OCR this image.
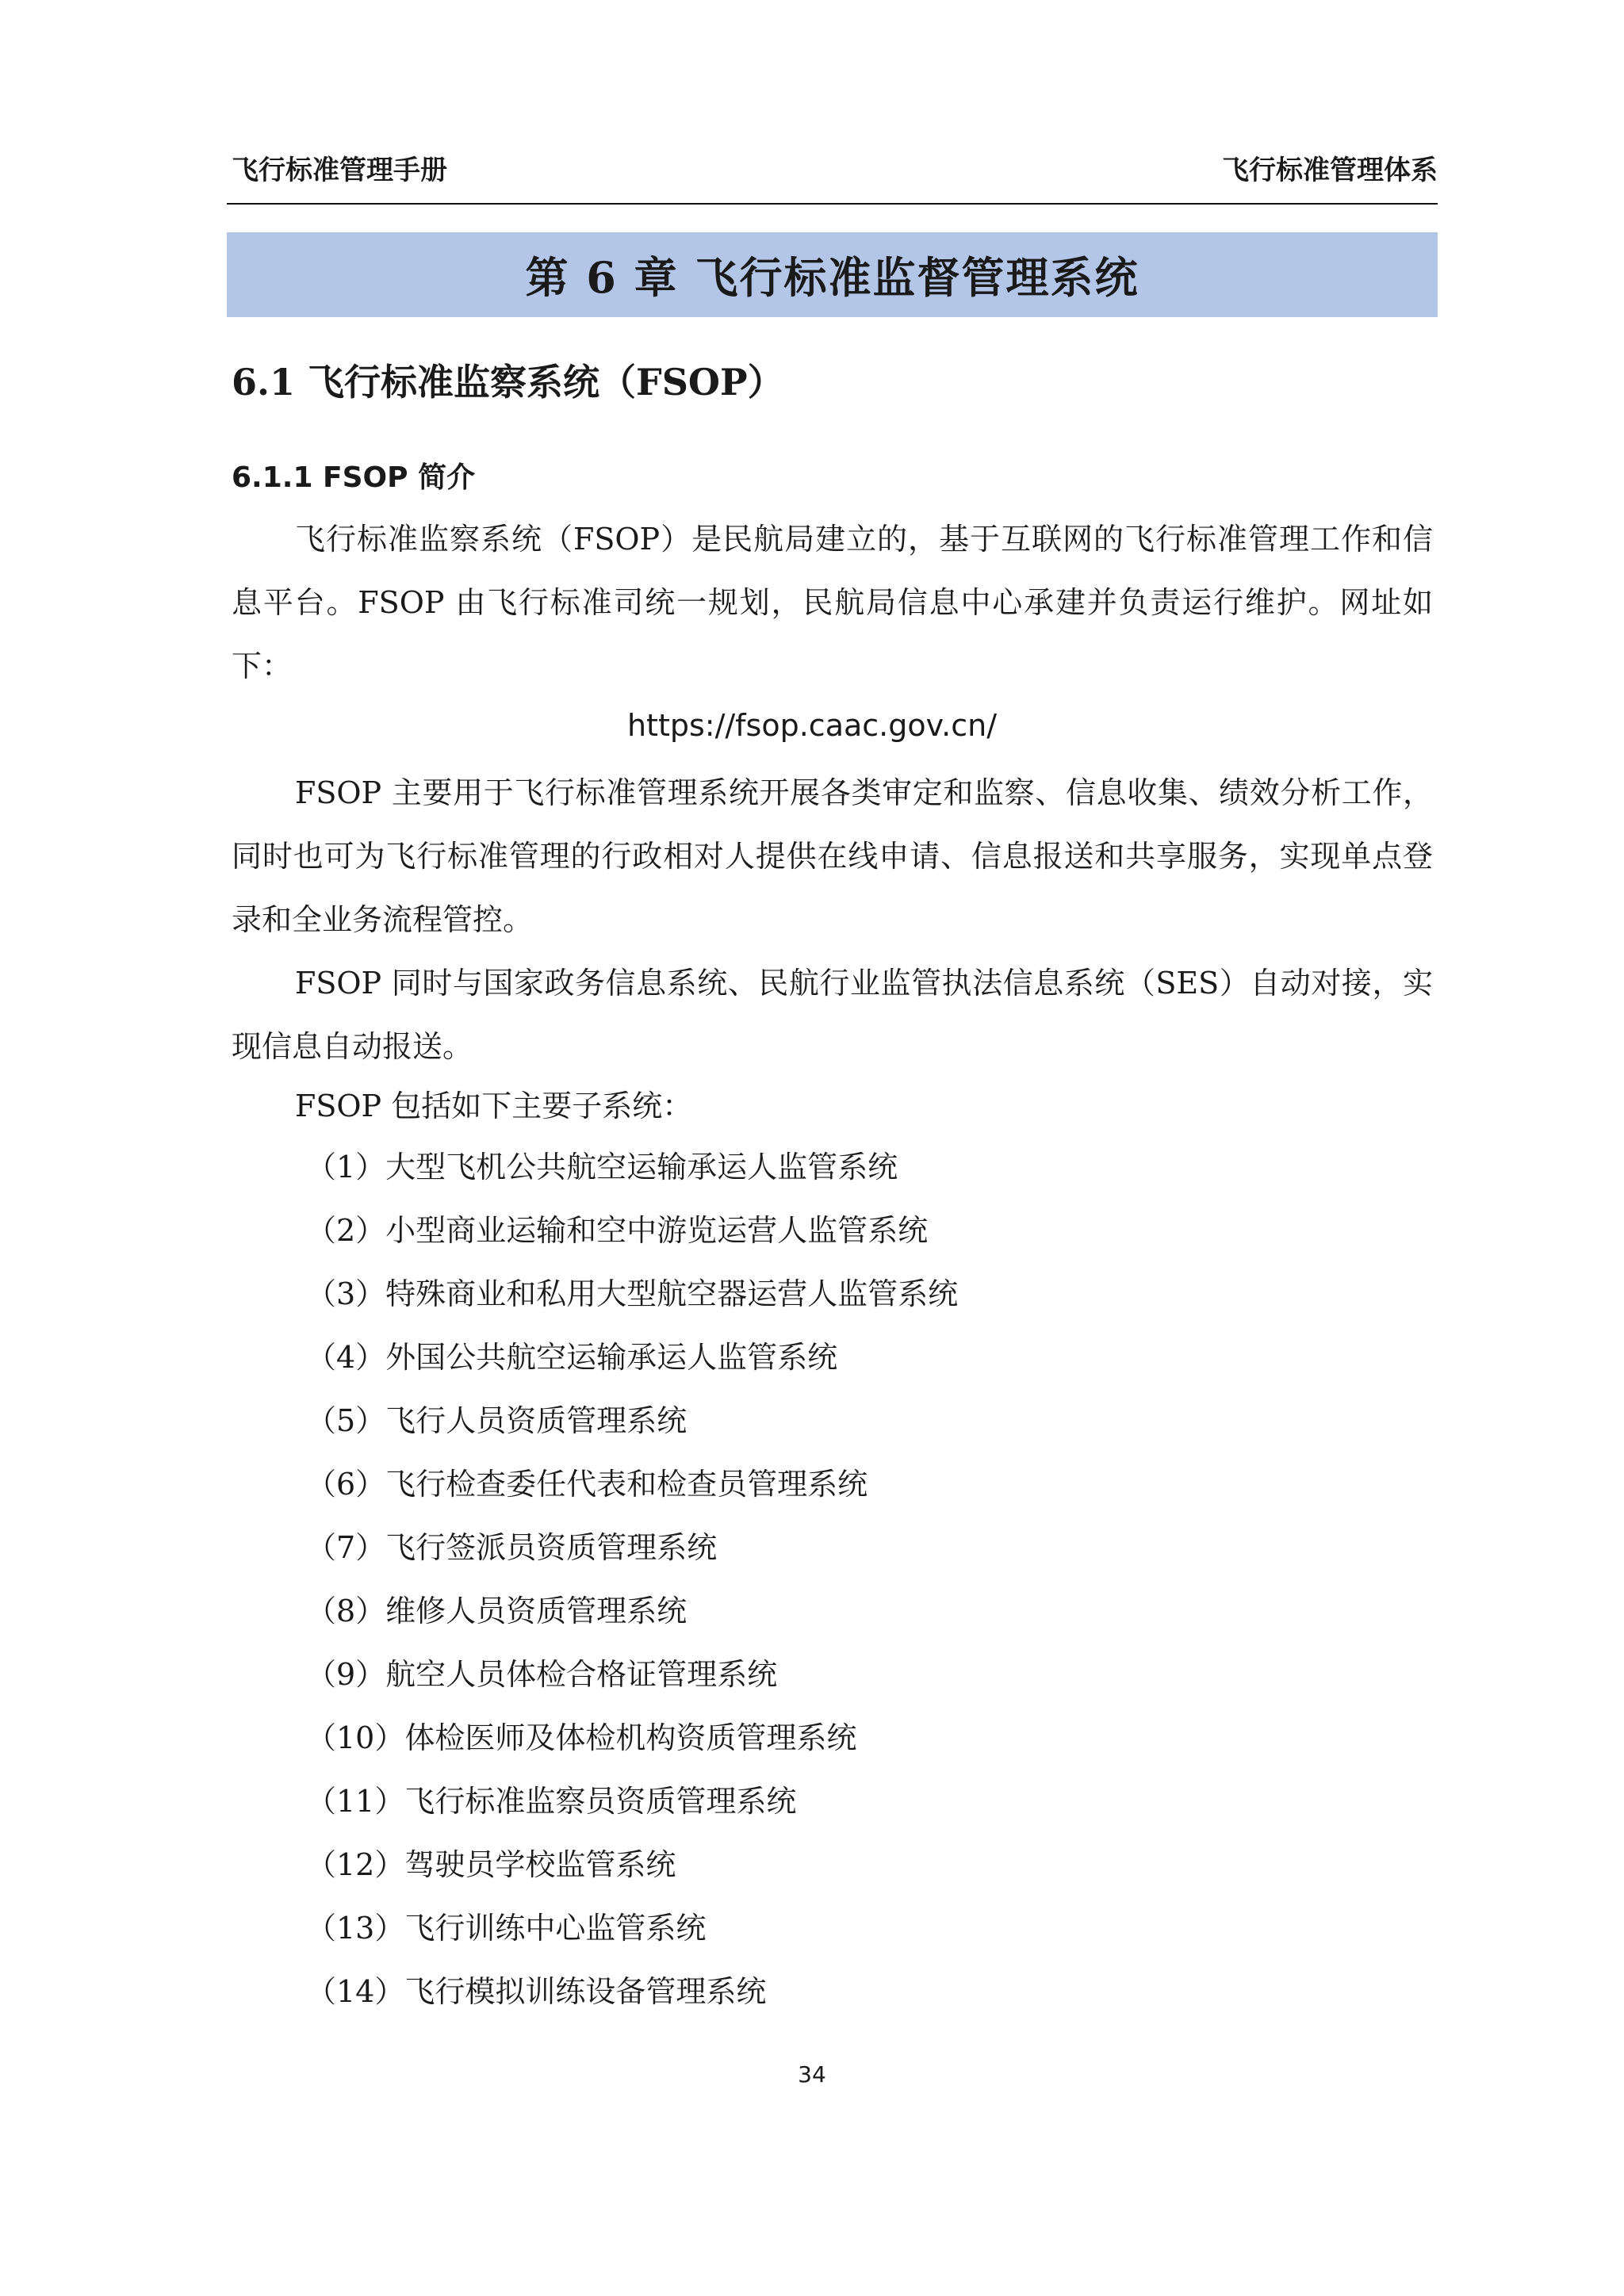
飞行标准管理手册	飞行标准管理体系
第 6 章 飞行标准监督管理系统
6.1 飞行标准监察系统（FSOP）
6.1.1 FSOP 简介

飞行标准监察系统（FSOP）是民航局建立的，基于互联网的飞行标准管理工作和信息平台。FSOP 由飞行标准司统一规划，民航局信息中心承建并负责运行维护。网址如下：

https://fsop.caac.gov.cn/

FSOP 主要用于飞行标准管理系统开展各类审定和监察、信息收集、绩效分析工作，同时也可为飞行标准管理的行政相对人提供在线申请、信息报送和共享服务，实现单点登录和全业务流程管控。

FSOP 同时与国家政务信息系统、民航行业监管执法信息系统（SES）自动对接，实现信息自动报送。

FSOP 包括如下主要子系统：
（1）大型飞机公共航空运输承运人监管系统
（2）小型商业运输和空中游览运营人监管系统
（3）特殊商业和私用大型航空器运营人监管系统
（4）外国公共航空运输承运人监管系统
（5）飞行人员资质管理系统
（6）飞行检查委任代表和检查员管理系统
（7）飞行签派员资质管理系统
（8）维修人员资质管理系统
（9）航空人员体检合格证管理系统
（10）体检医师及体检机构资质管理系统
（11）飞行标准监察员资质管理系统
（12）驾驶员学校监管系统
（13）飞行训练中心监管系统
（14）飞行模拟训练设备管理系统
34
